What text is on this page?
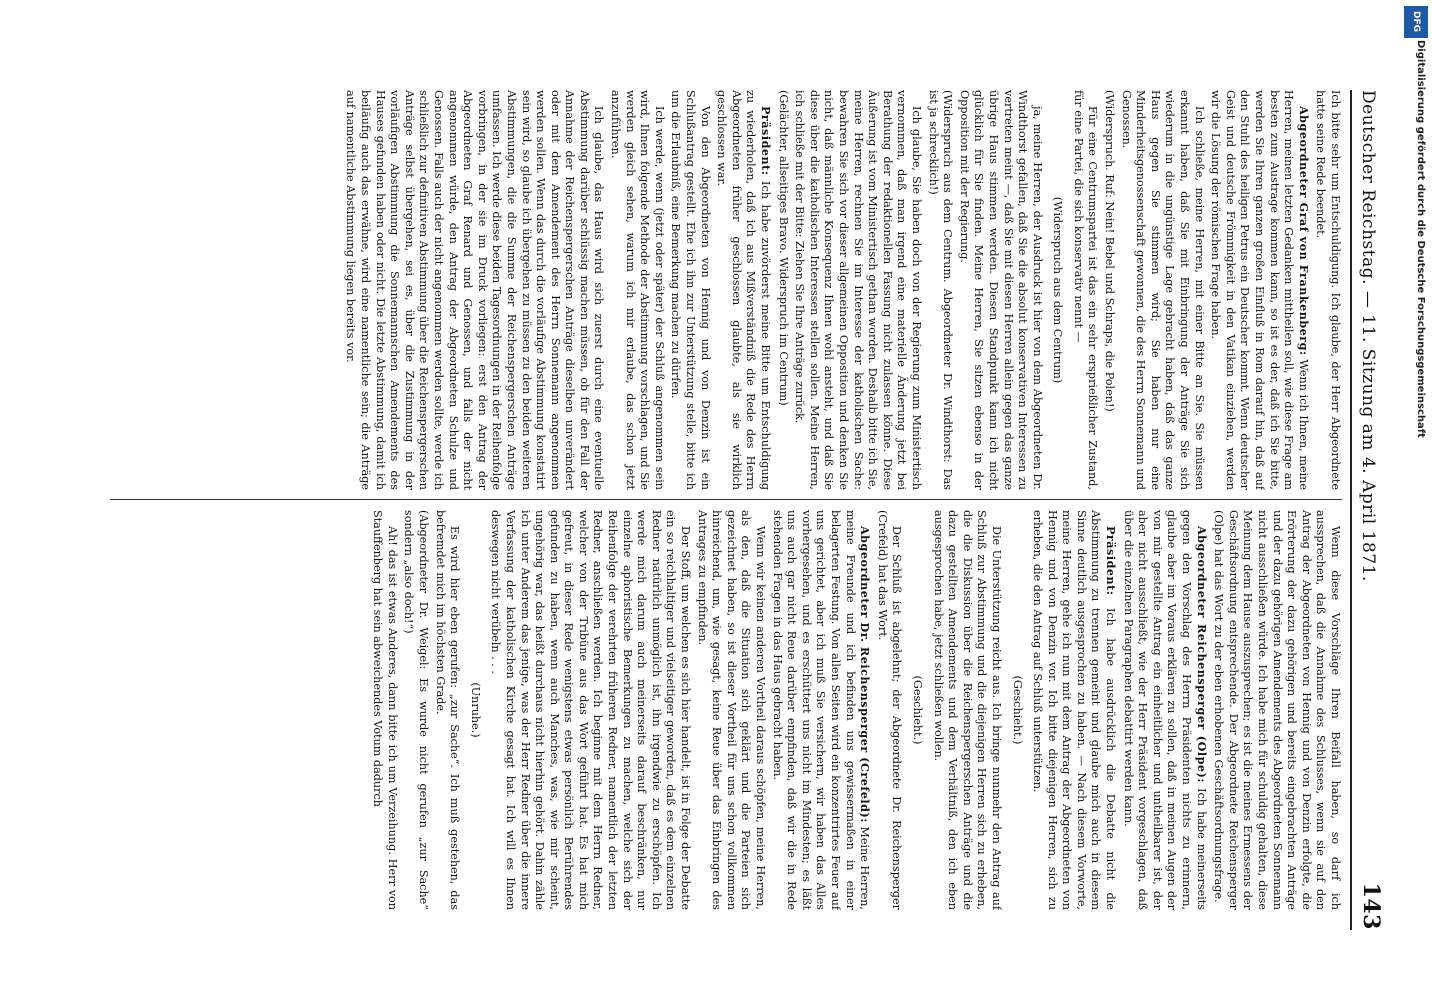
Deutscher Reichstag. — 11. Sitzung am 4. April 1871.
143

Ich bitte sehr um Entschuldigung. Ich glaube, der Herr Abgeordnete hatte seine Rede beendet.

Abgeordneter Graf von Frankenberg: Wenn ich Ihnen, meine Herren, meinen letzten Gedanken mittheilen soll, wie diese Frage am besten zum Austrage kommen kann, so ist es der, daß ich Sie bitte, werden Sie Ihren ganzen großen Einfluß in Rom darauf hin, daß auf den Stuhl des heiligen Petrus ein Deutscher kommt. Wenn deutscher Geist und deutsche Frömmigkeit in den Vatikan einziehen, werden wir die Lösung der römischen Frage haben.

Ich schließe, meine Herren, mit einer Bitte an Sie. Sie müssen erkannt haben, daß Sie mit Einbringung der Anträge Sie sich wiederum in die ungünstige Lage gebracht haben, daß das ganze Haus gegen Sie stimmen wird; Sie haben nur eine Minderheitsgenossenschaft gewonnen, die des Herrn Sonnemann und Genossen.

(Widerspruch. Ruf: Nein! Bebel und Schraps, die Polen!)

Für eine Centrumspartei ist das ein sehr ersprießlicher Zustand, für eine Partei, die sich konservativ nennt —

(Widerspruch aus dem Centrum)

ja, meine Herren, der Ausdruck ist hier von dem Abgeordneten Dr. Windthorst gefallen, daß Sie die absolut konservativen Interessen zu vertreten meint —, daß Sie mit diesen Herren allein gegen das ganze übrige Haus stimmen werden. Diesen Standpunkt kann ich nicht glücklich für Sie finden. Meine Herren, Sie sitzen ebenso in der Opposition mit der Regierung.

(Widerspruch aus dem Centrum. Abgeordneter Dr. Windthorst: Das ist ja schrecklich!)

Ich glaube, Sie haben doch von der Regierung zum Ministertisch vernommen, daß man irgend eine materielle Änderung jetzt bei Berathung der redaktionellen Fassung nicht zulassen könne. Diese Äußerung ist vom Ministertisch gethan worden. Deshalb bitte ich Sie, meine Herren, rechnen Sie im Interesse der katholischen Sache: bewahren Sie sich vor dieser allgemeinen Opposition und denken Sie nicht, daß männliche Konsequenz Ihnen wohl ansteht, und daß Sie diese über die katholischen Interessen stellen sollen. Meine Herren, ich schließe mit der Bitte: Ziehen Sie Ihre Anträge zurück.

(Gelächter, allseitiges Bravo. Widerspruch im Centrum)

Präsident: Ich habe zuvörderst meine Bitte um Entschuldigung zu wiederholen, daß ich aus Mißverständniß die Rede des Herrn Abgeordneten früher geschlossen glaubte, als sie wirklich geschlossen war.

Von den Abgeordneten von Hennig und von Denzin ist ein Schlußantrag gestellt. Ehe ich ihn zur Unterstützung stelle, bitte ich um die Erlaubniß, eine Bemerkung machen zu dürfen.

Ich werde, wenn (jetzt oder später) der Schluß angenommen sein wird, Ihnen folgende Methode der Abstimmung vorschlagen, und Sie werden gleich sehen, warum ich mir erlaube, das schon jetzt anzuführen.

Ich glaube, das Haus wird sich zuerst durch eine eventuelle Abstimmung darüber schlüssig machen müssen, ob für den Fall der Annahme der Reichenspergerschen Anträge dieselben unverändert oder mit dem Amendement des Herrn Sonnemann angenommen werden sollen. Wenn das durch die vorläufige Abstimmung konstatirt sein wird, so glaube ich übergehen zu müssen zu den beiden weiteren Abstimmungen, die die Summe der Reichenspergerschen Anträge umfassen. Ich werde diese beiden Tagesordnungen in der Reihenfolge vorbringen, in der sie im Druck vorliegen: erst den Antrag der Abgeordneten Graf Renard und Genossen, und falls der nicht angenommen würde, den Antrag der Abgeordneten Schulze und Genossen. Falls auch der nicht angenommen werden sollte, werde ich schließlich zur definitiven Abstimmung über die Reichenspergerschen Anträge selbst übergehen, sei es, über die Zustimmung in der vorläufigen Abstimmung die Sonnemannschen Amendements des Hauses gefunden haben oder nicht. Die letzte Abstimmung, damit ich beiläufig auch das erwähne, wird eine namentliche sein; die Anträge auf namentliche Abstimmung liegen bereits vor.

Wenn diese Vorschläge Ihren Beifall haben, so darf ich aussprechen, daß die Annahme des Schlusses, wenn sie auf den Antrag der Abgeordneten von Hennig und von Denzin erfolgte, die Erörterung der dazu gehörigen und bereits eingebrachten Anträge und der dazu gehörigen Amendements des Abgeordneten Sonnemann nicht ausschließen würde. Ich habe mich für schuldig gehalten, diese Meinung dem Hause auszusprechen; es ist die meines Ermessens der Geschäftsordnung entsprechende. Der Abgeordnete Reichensperger (Olpe) hat das Wort zu der eben erhobenen Geschäftsordnungsfrage.

Abgeordneter Reichensperger (Olpe): Ich habe meinerseits gegen den Vorschlag des Herrn Präsidenten nichts zu erinnern, glaube aber im Voraus erklären zu sollen, daß in meinen Augen der von mir gestellte Antrag ein einheitlicher und untheilbarer ist, der aber nicht ausschließt, wie der Herr Präsident vorgeschlagen, daß über die einzelnen Paragraphen debattirt werden kann.

Präsident: Ich habe ausdrücklich die Debatte nicht die Abstimmung zu trennen gemeint und glaube mich auch in diesem Sinne deutlich ausgesprochen zu haben. — Nach diesem Vorworte, meine Herren, gehe ich nun mit dem Antrag der Abgeordneten von Hennig und von Denzin vor. Ich bitte diejenigen Herren, sich zu erheben, die den Antrag auf Schluß unterstützen.

(Geschieht.)

Die Unterstützung reicht aus. Ich bringe nunmehr den Antrag auf Schluß zur Abstimmung und die diejenigen Herren sich zu erheben, die die Diskussion über die Reichenspergerschen Anträge und die dazu gestellten Amendements und dem Verhältniß, den ich eben ausgesprochen habe, jetzt schließen wollen.

(Geschieht.)

Der Schluß ist abgelehnt; der Abgeordnete Dr. Reichensperger (Crefeld) hat das Wort.

Abgeordneter Dr. Reichensperger (Crefeld): Meine Herren, meine Freunde und ich befinden uns gewissermaßen in einer belagerten Festung. Von allen Seiten wird ein konzentrirtes Feuer auf uns gerichtet, aber ich muß Sie versichern, wir haben das Alles vorhergesehen, und es erschüttert uns nicht im Mindesten; es läßt uns auch gar nicht Reue darüber empfinden, daß wir die in Rede stehenden Fragen in das Haus gebracht haben.

Wenn wir keinen anderen Vortheil daraus schöpfen, meine Herren, als den, daß die Situation sich geklärt und die Parteien sich gezeichnet haben, so ist dieser Vortheil für uns schon vollkommen hinreichend, um, wie gesagt, keine Reue über das Einbringen des Antrages zu empfinden.

Der Stoff, um welchen es sich hier handelt, ist in Folge der Debatte ein so reichhaltiger und vielseitiger geworden, daß es dem einzelnen Redner natürlich unmöglich ist, ihn irgendwie zu erschöpfen. Ich werde mich darum auch meinerseits darauf beschränken, nur einzelne aphoristische Bemerkungen zu machen, welche sich der Reihenfolge der verehrten früheren Redner, namentlich der letzten Redner, anschließen werden. Ich beginne mit dem Herrn Redner, welcher von der Tribüne aus das Wort geführt hat. Es hat mich gefreut, in dieser Rede wenigstens etwas persönlich Berührendes gefunden zu haben, wenn auch Manches, was, wie mir scheint, ungehörig war, das heißt durchaus nicht hierhin gehört. Dahin zähle ich unter Anderem das jenige, was der Herr Redner über die innere Verfassung der katholischen Kirche gesagt hat. Ich will es Ihnen deswegen nicht verübeln . . .

(Unruhe.)

Es wird hier eben gerufen: „zur Sache“. Ich muß gestehen, das befremdet mich im höchsten Grade.

(Abgeordneter Dr. Weigel: Es wurde nicht gerufen „zur Sache“ sondern „also doch!“)

Ah! das ist etwas Anderes, dann bitte ich um Verzeihung. Herr von Stauffenberg hat sein abweichendes Votum dadurch

DFG
Digitalisierung gefördert durch die Deutsche Forschungsgemeinschaft
